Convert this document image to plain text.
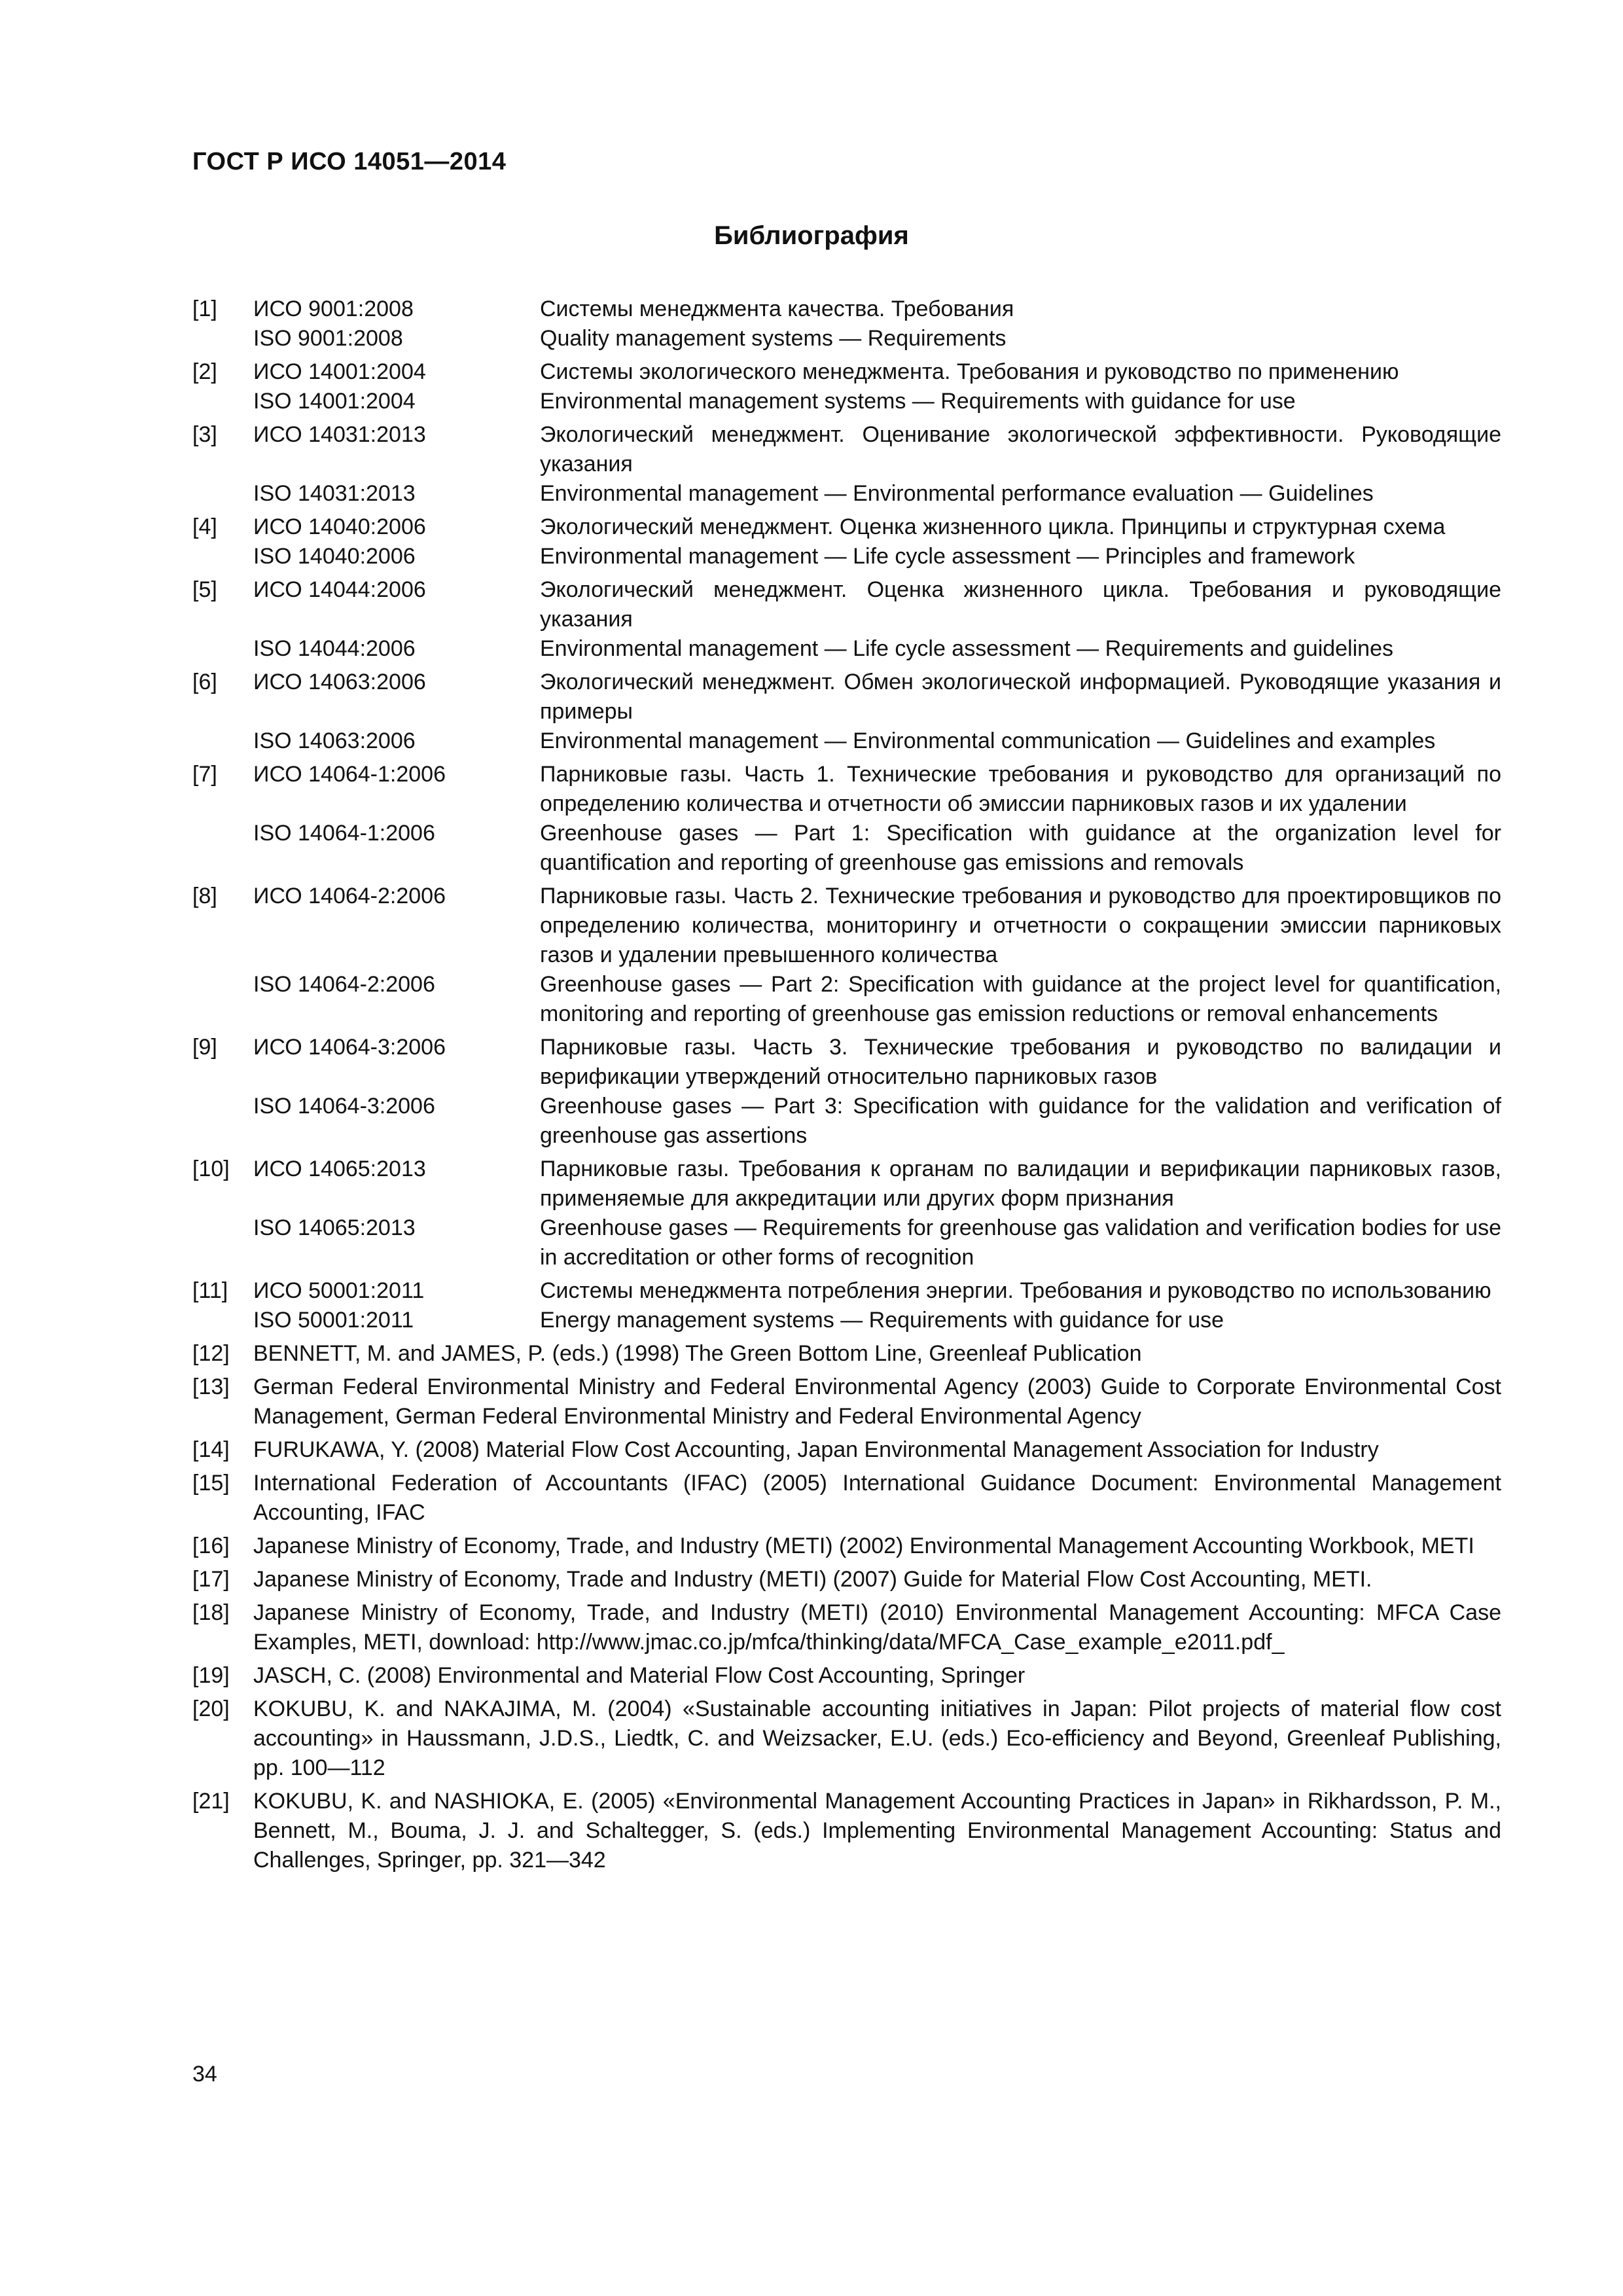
ГОСТ Р ИСО 14051—2014
Библиография
[1]	ИСО 9001:2008	Системы менеджмента качества. Требования
ISO 9001:2008	Quality management systems — Requirements
[2]	ИСО 14001:2004	Системы экологического менеджмента. Требования и руководство по применению
ISO 14001:2004	Environmental management systems — Requirements with guidance for use
[3]	ИСО 14031:2013	Экологический менеджмент. Оценивание экологической эффективности. Руководящие указания
ISO 14031:2013	Environmental management — Environmental performance evaluation — Guidelines
[4]	ИСО 14040:2006	Экологический менеджмент. Оценка жизненного цикла. Принципы и структурная схема
ISO 14040:2006	Environmental management — Life cycle assessment — Principles and framework
[5]	ИСО 14044:2006	Экологический менеджмент. Оценка жизненного цикла. Требования и руководящие указания
ISO 14044:2006	Environmental management — Life cycle assessment — Requirements and guidelines
[6]	ИСО 14063:2006	Экологический менеджмент. Обмен экологической информацией. Руководящие указания и примеры
ISO 14063:2006	Environmental management — Environmental communication — Guidelines and examples
[7]	ИСО 14064-1:2006	Парниковые газы. Часть 1. Технические требования и руководство для организаций по определению количества и отчетности об эмиссии парниковых газов и их удалении
ISO 14064-1:2006	Greenhouse gases — Part 1: Specification with guidance at the organization level for quantification and reporting of greenhouse gas emissions and removals
[8]	ИСО 14064-2:2006	Парниковые газы. Часть 2. Технические требования и руководство для проектировщиков по определению количества, мониторингу и отчетности о сокращении эмиссии парниковых газов и удалении превышенного количества
ISO 14064-2:2006	Greenhouse gases — Part 2: Specification with guidance at the project level for quantification, monitoring and reporting of greenhouse gas emission reductions or removal enhancements
[9]	ИСО 14064-3:2006	Парниковые газы. Часть 3. Технические требования и руководство по валидации и верификации утверждений относительно парниковых газов
ISO 14064-3:2006	Greenhouse gases — Part 3: Specification with guidance for the validation and verification of greenhouse gas assertions
[10]	ИСО 14065:2013	Парниковые газы. Требования к органам по валидации и верификации парниковых газов, применяемые для аккредитации или других форм признания
ISO 14065:2013	Greenhouse gases — Requirements for greenhouse gas validation and verification bodies for use in accreditation or other forms of recognition
[11]	ИСО 50001:2011	Системы менеджмента потребления энергии. Требования и руководство по использованию
ISO 50001:2011	Energy management systems — Requirements with guidance for use
[12]	BENNETT, M. and JAMES, P. (eds.) (1998) The Green Bottom Line, Greenleaf Publication
[13]	German Federal Environmental Ministry and Federal Environmental Agency (2003) Guide to Corporate Environmental Cost Management, German Federal Environmental Ministry and Federal Environmental Agency
[14]	FURUKAWA, Y. (2008) Material Flow Cost Accounting, Japan Environmental Management Association for Industry
[15]	International Federation of Accountants (IFAC) (2005) International Guidance Document: Environmental Management Accounting, IFAC
[16]	Japanese Ministry of Economy, Trade, and Industry (METI) (2002) Environmental Management Accounting Workbook, METI
[17]	Japanese Ministry of Economy, Trade and Industry (METI) (2007) Guide for Material Flow Cost Accounting, METI.
[18]	Japanese Ministry of Economy, Trade, and Industry (METI) (2010) Environmental Management Accounting: MFCA Case Examples, METI, download: http://www.jmac.co.jp/mfca/thinking/data/MFCA_Case_example_e2011.pdf_
[19]	JASCH, C. (2008) Environmental and Material Flow Cost Accounting, Springer
[20]	KOKUBU, K. and NAKAJIMA, M. (2004) «Sustainable accounting initiatives in Japan: Pilot projects of material flow cost accounting» in Haussmann, J.D.S., Liedtk, C. and Weizsacker, E.U. (eds.) Eco-efficiency and Beyond, Greenleaf Publishing, pp. 100—112
[21]	KOKUBU, K. and NASHIOKA, E. (2005) «Environmental Management Accounting Practices in Japan» in Rikhardsson, P. M., Bennett, M., Bouma, J. J. and Schaltegger, S. (eds.) Implementing Environmental Management Accounting: Status and Challenges, Springer, pp. 321—342
34
